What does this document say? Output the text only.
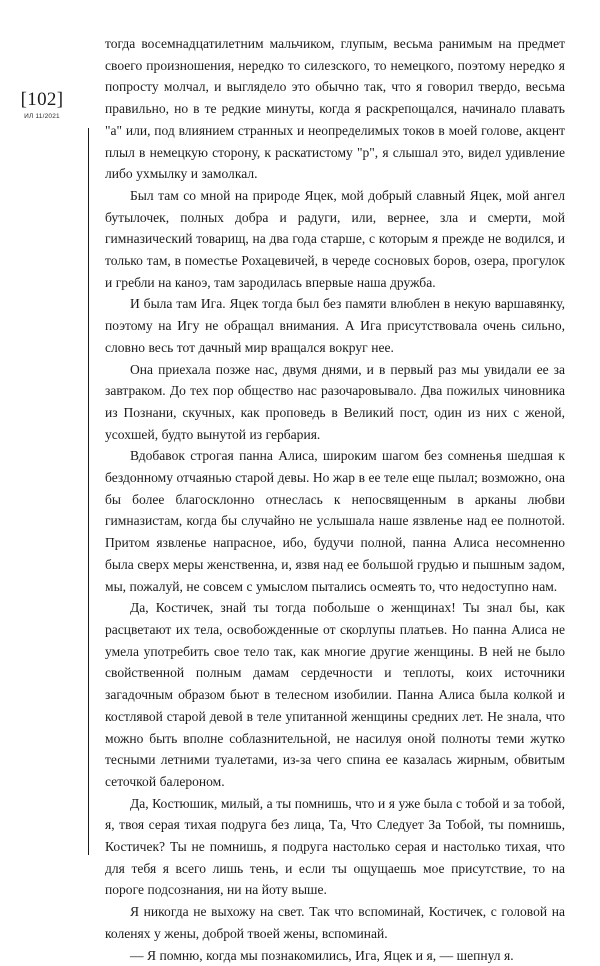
[102]
ИЛ 11/2021

тогда восемнадцатилетним мальчиком, глупым, весьма ранимым на предмет своего произношения, нередко то силезского, то немецкого, поэтому нередко я попросту молчал, и выглядело это обычно так, что я говорил твердо, весьма правильно, но в те редкие минуты, когда я раскрепощался, начинало плавать "а" или, под влиянием странных и неопределимых токов в моей голове, акцент плыл в немецкую сторону, к раскатистому "р", я слышал это, видел удивление либо ухмылку и замолкал.

Был там со мной на природе Яцек, мой добрый славный Яцек, мой ангел бутылочек, полных добра и радуги, или, вернее, зла и смерти, мой гимназический товарищ, на два года старше, с которым я прежде не водился, и только там, в поместье Рохацевичей, в череде сосновых боров, озера, прогулок и гребли на каноэ, там зародилась впервые наша дружба.

И была там Ига. Яцек тогда был без памяти влюблен в некую варшавянку, поэтому на Игу не обращал внимания. А Ига присутствовала очень сильно, словно весь тот дачный мир вращался вокруг нее.

Она приехала позже нас, двумя днями, и в первый раз мы увидали ее за завтраком. До тех пор общество нас разочаровывало. Два пожилых чиновника из Познани, скучных, как проповедь в Великий пост, один из них с женой, усохшей, будто вынутой из гербария.

Вдобавок строгая панна Алиса, широким шагом без сомненья шедшая к бездонному отчаянью старой девы. Но жар в ее теле еще пылал; возможно, она бы более благосклонно отнеслась к непосвященным в арканы любви гимназистам, когда бы случайно не услышала наше язвленье над ее полнотой. Притом язвленье напрасное, ибо, будучи полной, панна Алиса несомненно была сверх меры женственна, и, язвя над ее большой грудью и пышным задом, мы, пожалуй, не совсем с умыслом пытались осмеять то, что недоступно нам.

Да, Костичек, знай ты тогда побольше о женщинах! Ты знал бы, как расцветают их тела, освобожденные от скорлупы платьев. Но панна Алиса не умела употребить свое тело так, как многие другие женщины. В ней не было свойственной полным дамам сердечности и теплоты, коих источники загадочным образом бьют в телесном изобилии. Панна Алиса была колкой и костлявой старой девой в теле упитанной женщины средних лет. Не знала, что можно быть вполне соблазнительной, не насилуя оной полноты теми жутко тесными летними туалетами, из-за чего спина ее казалась жирным, обвитым сеточкой балероном.

Да, Костюшик, милый, а ты помнишь, что и я уже была с тобой и за тобой, я, твоя серая тихая подруга без лица, Та, Что Следует За Тобой, ты помнишь, Костичек? Ты не помнишь, я подруга настолько серая и настолько тихая, что для тебя я всего лишь тень, и если ты ощущаешь мое присутствие, то на пороге подсознания, ни на йоту выше.

Я никогда не выхожу на свет. Так что вспоминай, Костичек, с головой на коленях у жены, доброй твоей жены, вспоминай.

— Я помню, когда мы познакомились, Ига, Яцек и я, — шепнул я.
